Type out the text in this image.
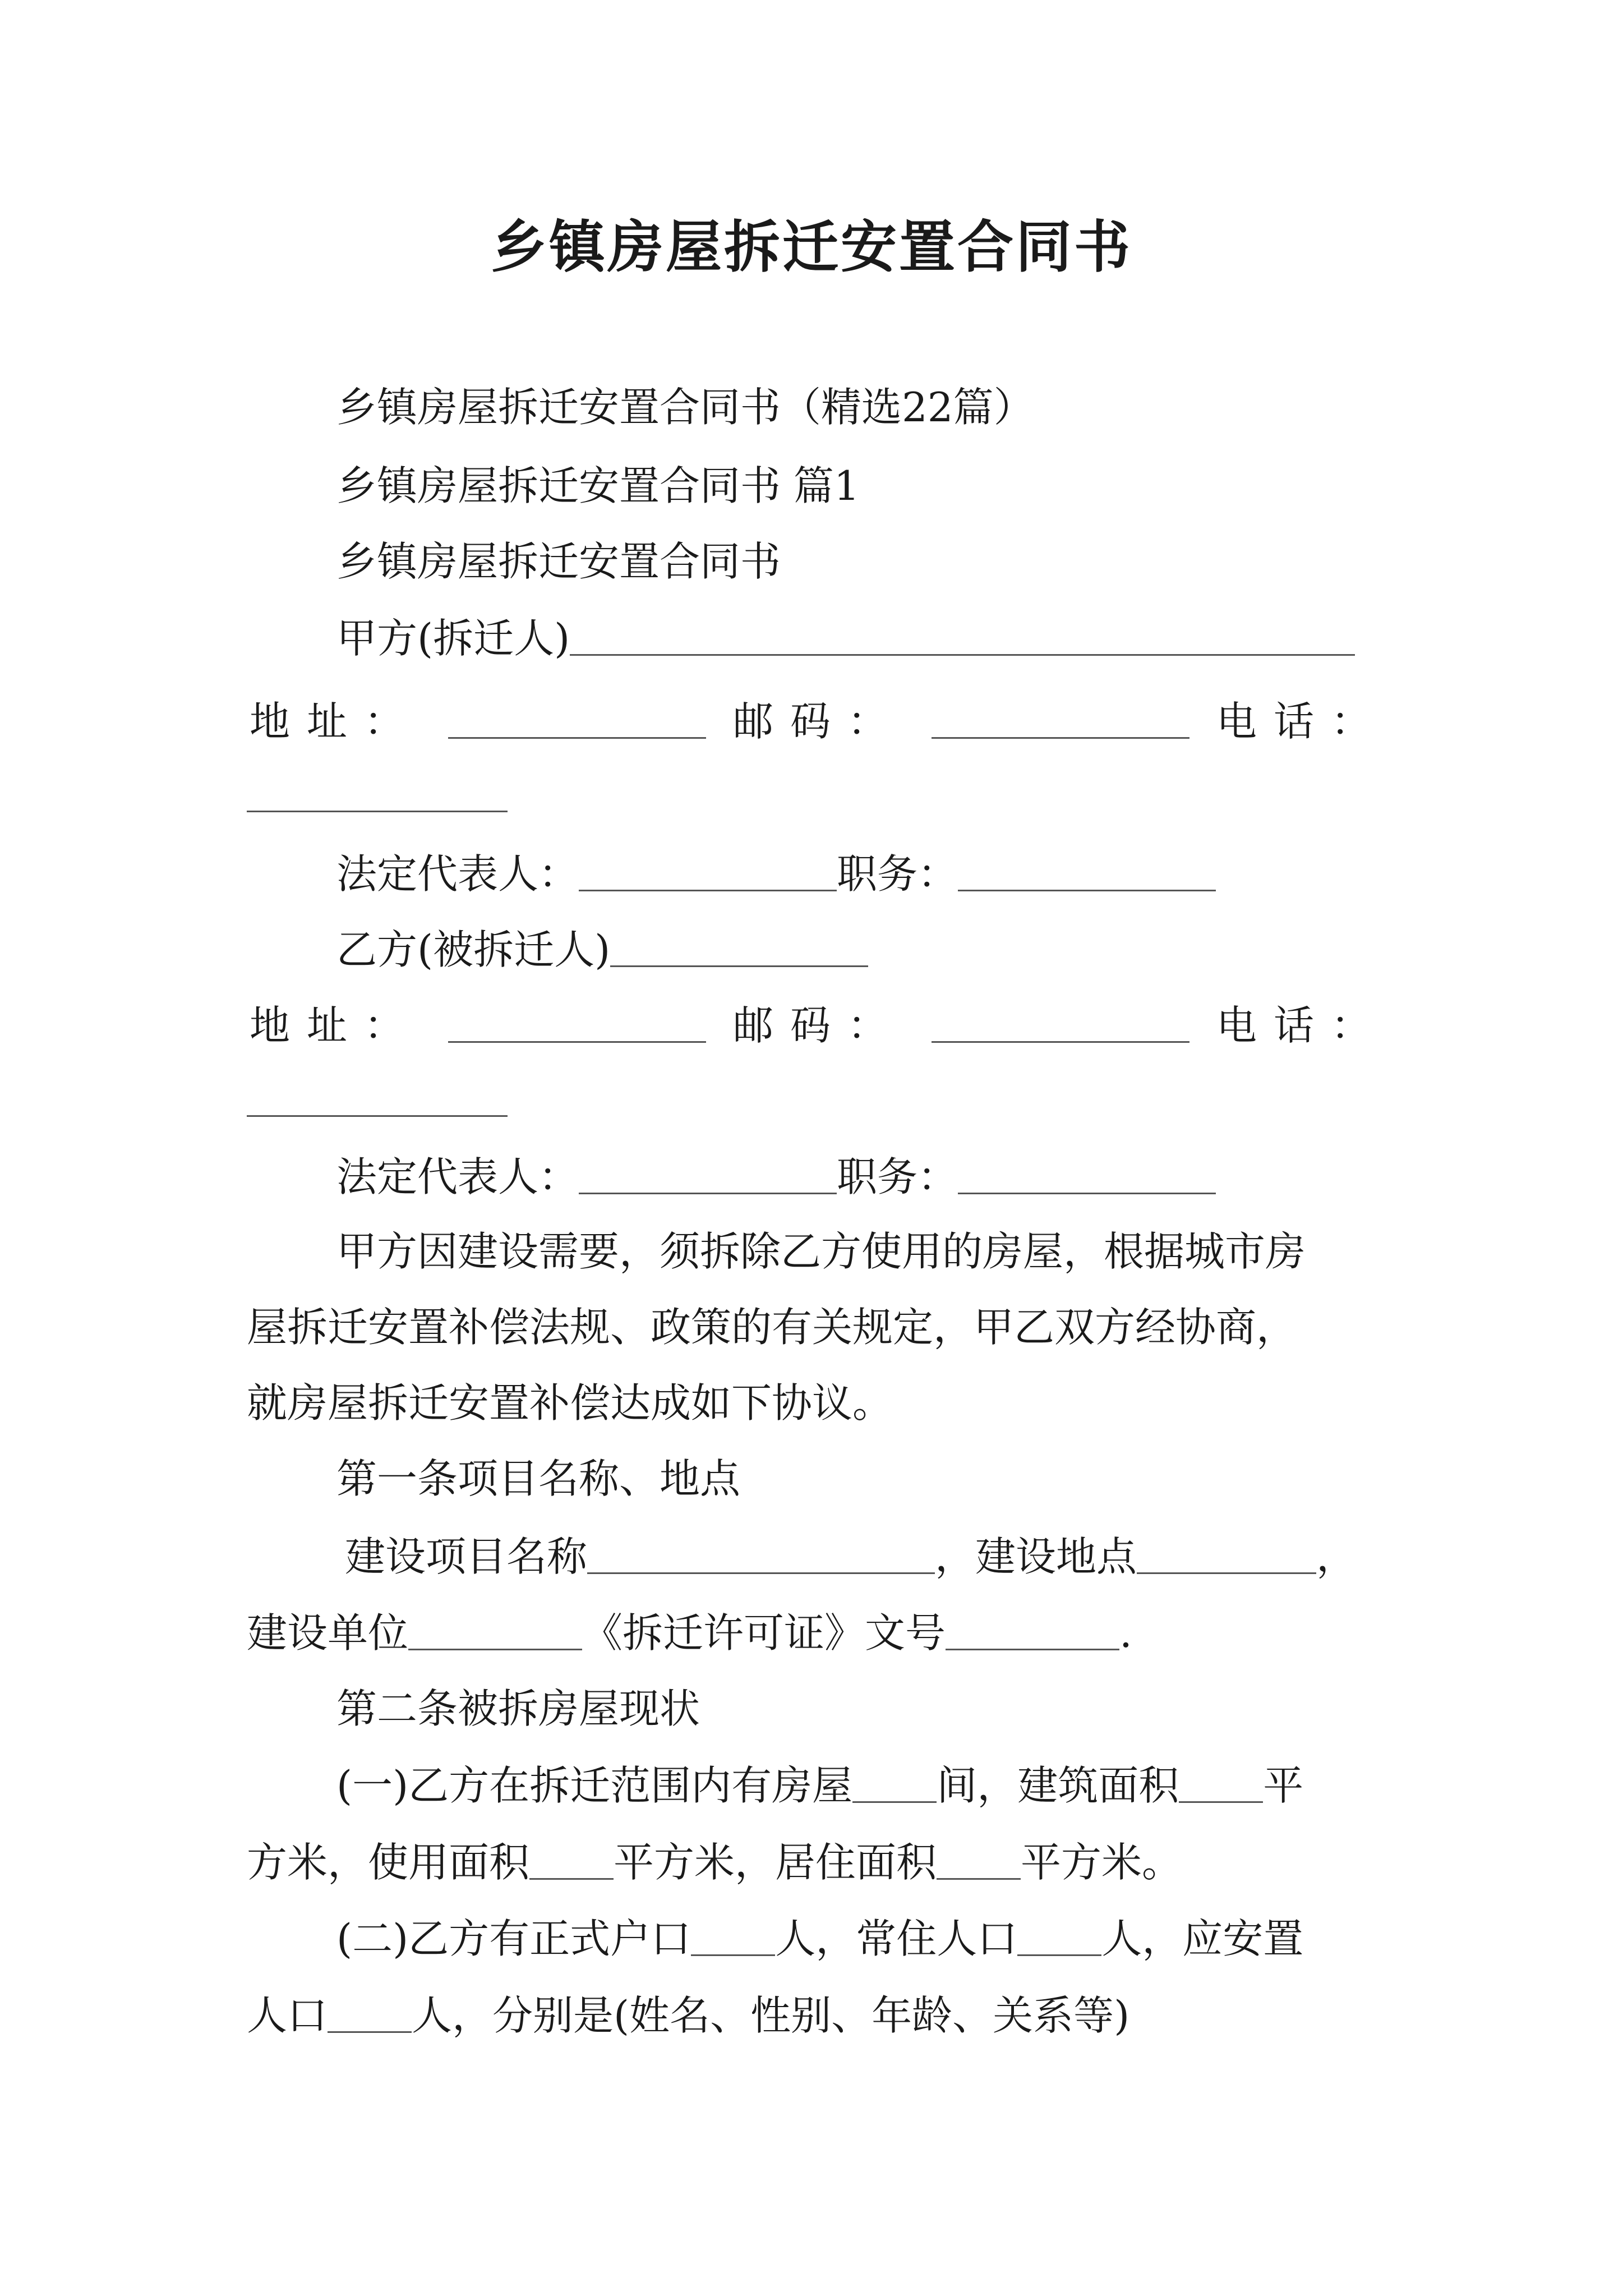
乡镇房屋拆迁安置合同书
乡镇房屋拆迁安置合同书（精选22篇）
乡镇房屋拆迁安置合同书 篇1
乡镇房屋拆迁安置合同书
甲方(拆迁人)
地址：	邮码：	电话：
法定代表人：	职务：
乙方(被拆迁人)
地址：	邮码：	电话：
法定代表人：	职务：
甲方因建设需要，须拆除乙方使用的房屋，根据城市房
屋拆迁安置补偿法规、政策的有关规定，甲乙双方经协商，
就房屋拆迁安置补偿达成如下协议。
第一条项目名称、地点
建设项目名称	，建设地点	，
建设单位	《拆迁许可证》文号	.
第二条被拆房屋现状
(一)乙方在拆迁范围内有房屋 间，建筑面积 平
方米，使用面积 平方米，居住面积 平方米。
(二)乙方有正式户口 人，常住人口 人，应安置
人口 人，分别是(姓名、性别、年龄、关系等)
